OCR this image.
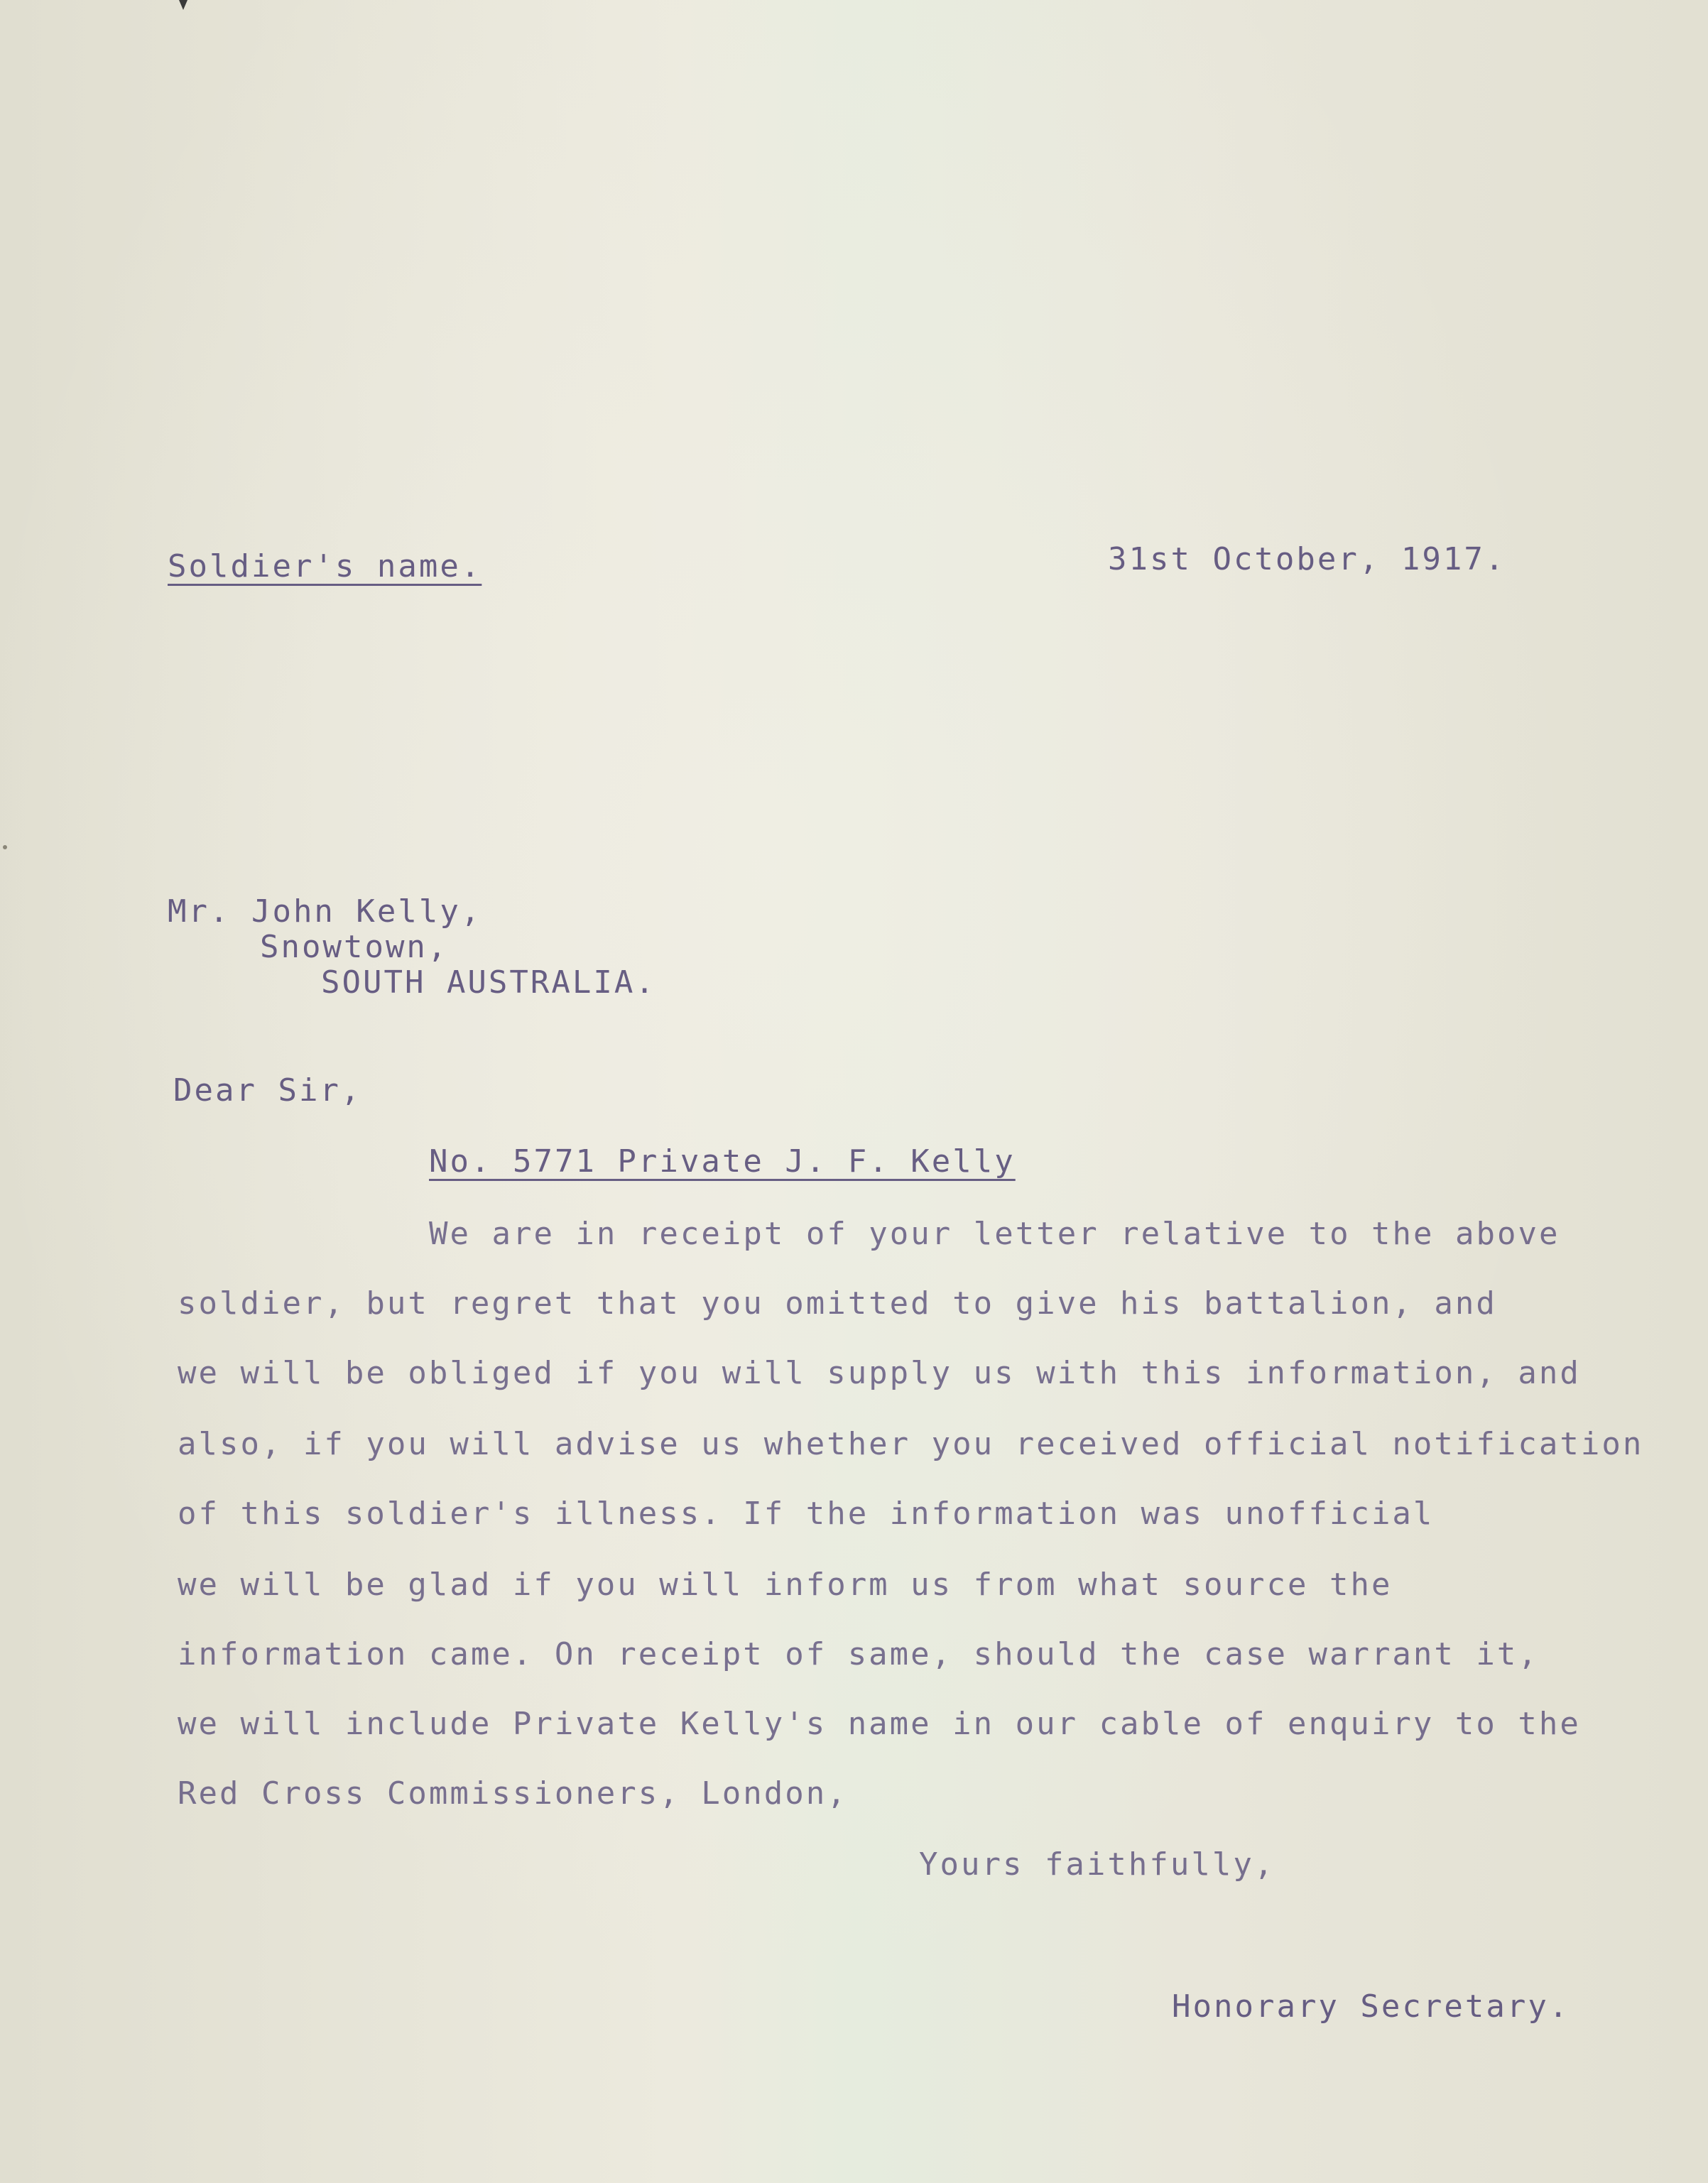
Soldier's name.	31st October, 1917.
Mr. John Kelly,
Snowtown,
SOUTH AUSTRALIA.
Dear Sir,
No. 5771 Private J. F. Kelly
We are in receipt of your letter relative to the above
soldier, but regret that you omitted to give his battalion, and
we will be obliged if you will supply us with this information, and
also, if you will advise us whether you received official notification
of this soldier's illness. If the information was unofficial
we will be glad if you will inform us from what source the
information came. On receipt of same, should the case warrant it,
we will include Private Kelly's name in our cable of enquiry to the
Red Cross Commissioners, London,
Yours faithfully,
Honorary Secretary.
